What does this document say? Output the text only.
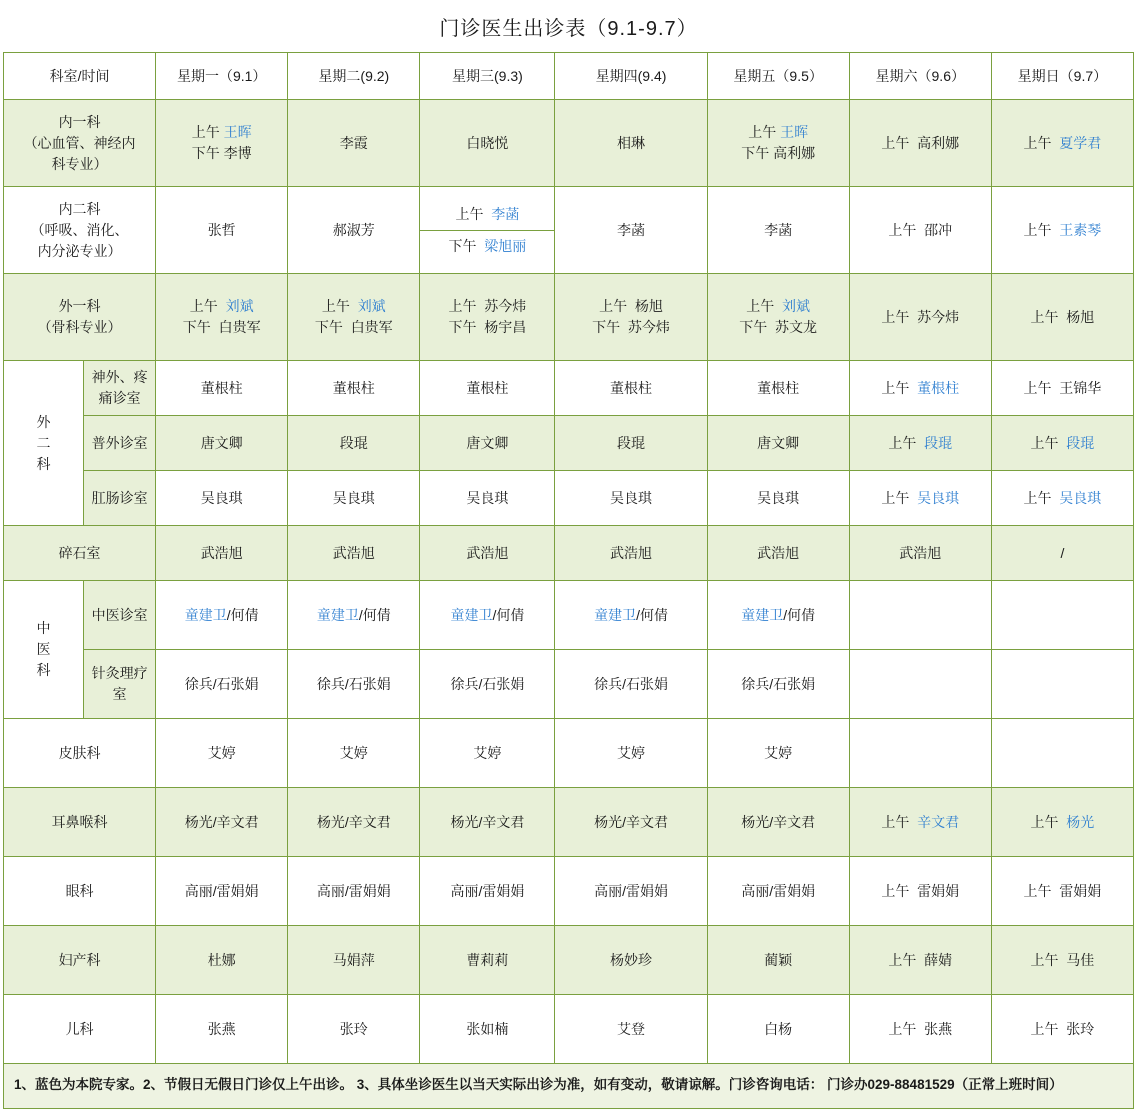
门诊医生出诊表（9.1-9.7）
科室/时间		星期一（9.1）	星期二(9.2)	星期三(9.3)	星期四(9.4)	星期五（9.5）	星期六（9.6）	星期日（9.7）

内一科
（心血管、神经内
科专业）

上午 王晖
下午 李博
	李霞	白晓悦	相琳	
上午 王晖
下午 高利娜
	上午 高利娜	上午 夏学君

内二科
（呼吸、消化、
内分泌专业）
	张哲	郝淑芳	
上午 李菡
下午 梁旭丽
	李菡	李菡	上午 邵冲	上午 王素琴

外一科
（骨科专业）

上午 刘斌
下午 白贵军

上午 刘斌
下午 白贵军

上午 苏今炜
下午 杨宇昌

上午 杨旭
下午 苏今炜

上午 刘斌
下午 苏文龙
	上午 苏今炜	上午 杨旭

外
二
科

神外、疼
痛诊室
	董根柱	董根柱	董根柱	董根柱	董根柱	上午 董根柱	上午 王锦华
	普外诊室	唐文卿	段琨	唐文卿	段琨	唐文卿	上午 段琨	上午 段琨
	肛肠诊室	吴良琪	吴良琪	吴良琪	吴良琪	吴良琪	上午 吴良琪	上午 吴良琪
碎石室		武浩旭	武浩旭	武浩旭	武浩旭	武浩旭	武浩旭	/

中
医
科	中医诊室	童建卫/何倩	童建卫/何倩	童建卫/何倩	童建卫/何倩	童建卫/何倩		

	针灸理疗
室	徐兵/石张娟	徐兵/石张娟	徐兵/石张娟	徐兵/石张娟	徐兵/石张娟		
皮肤科		艾婷	艾婷	艾婷	艾婷	艾婷		
耳鼻喉科		杨光/辛文君	杨光/辛文君	杨光/辛文君	杨光/辛文君	杨光/辛文君	上午 辛文君	上午 杨光
眼科		高丽/雷娟娟	高丽/雷娟娟	高丽/雷娟娟	高丽/雷娟娟	高丽/雷娟娟	上午 雷娟娟	上午 雷娟娟
妇产科		杜娜	马娟萍	曹莉莉	杨妙珍	蔺颖	上午 薛婧	上午 马佳
儿科		张燕	张玲	张如楠	艾登	白杨	上午 张燕	上午 张玲
1、蓝色为本院专家。2、节假日无假日门诊仅上午出诊。 3、具体坐诊医生以当天实际出诊为准，如有变动，敬请谅解。门诊咨询电话： 门诊办029-88481529（正常上班时间）
